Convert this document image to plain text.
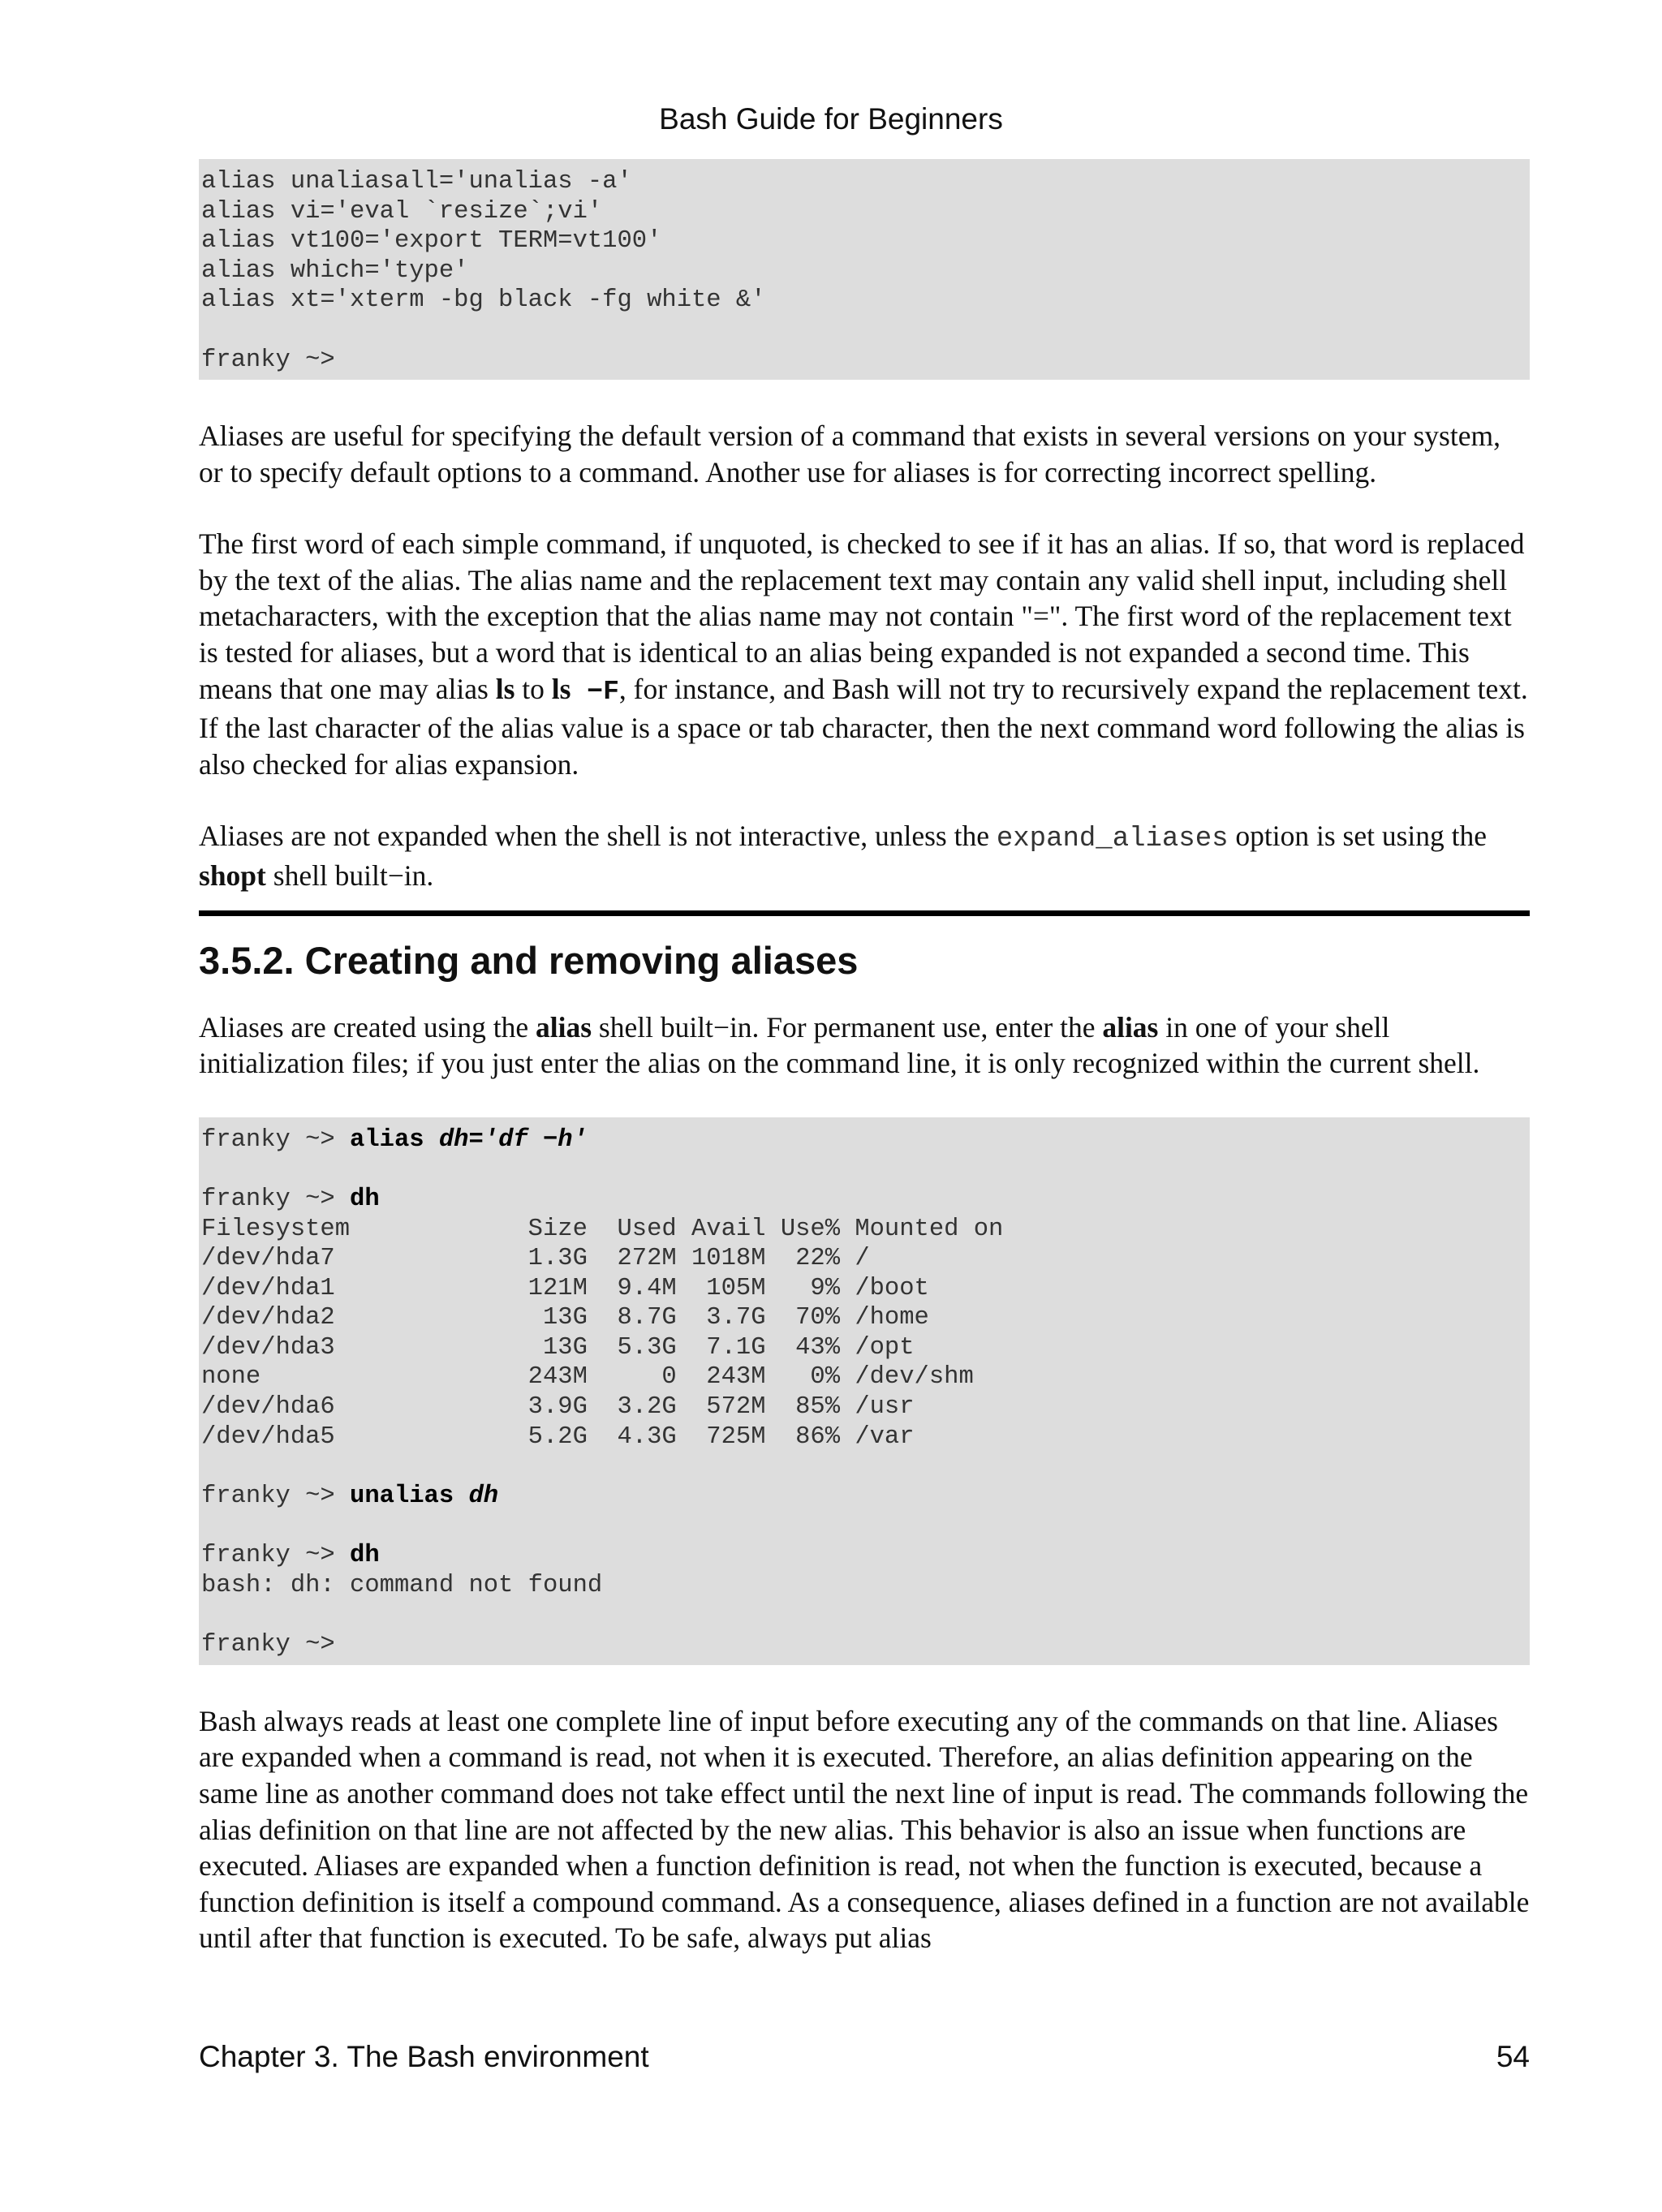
Bash Guide for Beginners
alias unaliasall='unalias -a'
alias vi='eval `resize`;vi'
alias vt100='export TERM=vt100'
alias which='type'
alias xt='xterm -bg black -fg white &'
franky ~>

Aliases are useful for specifying the default version of a command that exists in several versions on your system, or to specify default options to a command. Another use for aliases is for correcting incorrect spelling.

The first word of each simple command, if unquoted, is checked to see if it has an alias. If so, that word is replaced by the text of the alias. The alias name and the replacement text may contain any valid shell input, including shell metacharacters, with the exception that the alias name may not contain "=". The first word of the replacement text is tested for aliases, but a word that is identical to an alias being expanded is not expanded a second time. This means that one may alias ls to ls −F, for instance, and Bash will not try to recursively expand the replacement text. If the last character of the alias value is a space or tab character, then the next command word following the alias is also checked for alias expansion.

Aliases are not expanded when the shell is not interactive, unless the expand_aliases option is set using the shopt shell built−in.

3.5.2. Creating and removing aliases

Aliases are created using the alias shell built−in. For permanent use, enter the alias in one of your shell initialization files; if you just enter the alias on the command line, it is only recognized within the current shell.

franky ~> alias dh='df −h'
franky ~> dh
Filesystem            Size  Used Avail Use% Mounted on
/dev/hda7             1.3G  272M 1018M  22% /
/dev/hda1             121M  9.4M  105M   9% /boot
/dev/hda2              13G  8.7G  3.7G  70% /home
/dev/hda3              13G  5.3G  7.1G  43% /opt
none                  243M     0  243M   0% /dev/shm
/dev/hda6             3.9G  3.2G  572M  85% /usr
/dev/hda5             5.2G  4.3G  725M  86% /var
franky ~> unalias dh
franky ~> dh
bash: dh: command not found
franky ~>

Bash always reads at least one complete line of input before executing any of the commands on that line. Aliases are expanded when a command is read, not when it is executed. Therefore, an alias definition appearing on the same line as another command does not take effect until the next line of input is read. The commands following the alias definition on that line are not affected by the new alias. This behavior is also an issue when functions are executed. Aliases are expanded when a function definition is read, not when the function is executed, because a function definition is itself a compound command. As a consequence, aliases defined in a function are not available until after that function is executed. To be safe, always put alias

Chapter 3. The Bash environment	54
